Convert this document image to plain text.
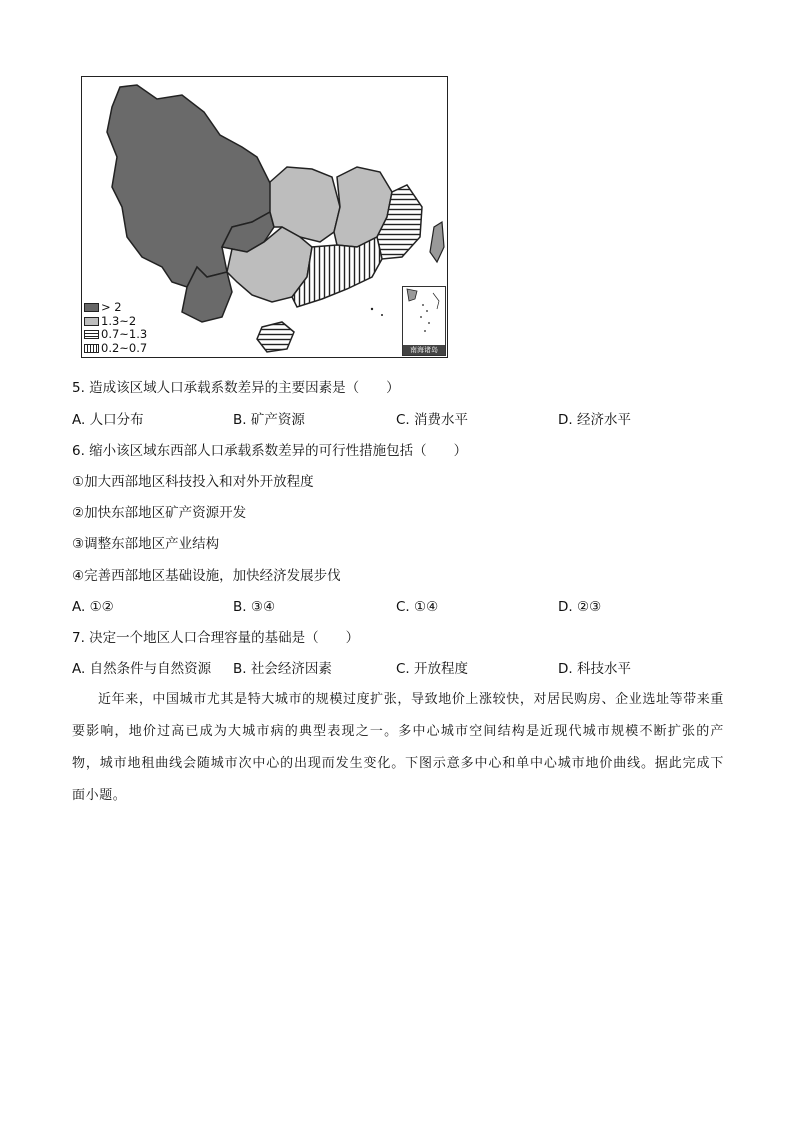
> 2
1.3~2
0.7~1.3
0.2~0.7	南海诸岛
5. 造成该区域人口承载系数差异的主要因素是（　　）
A. 人口分布	B. 矿产资源	C. 消费水平	D. 经济水平
6. 缩小该区域东西部人口承载系数差异的可行性措施包括（　　）
①加大西部地区科技投入和对外开放程度
②加快东部地区矿产资源开发
③调整东部地区产业结构
④完善西部地区基础设施，加快经济发展步伐
A. ①②	B. ③④	C. ①④	D. ②③
7. 决定一个地区人口合理容量的基础是（　　）
A. 自然条件与自然资源 B. 社会经济因素	C. 开放程度	D. 科技水平
近年来，中国城市尤其是特大城市的规模过度扩张，导致地价上涨较快，对居民购房、企业选址等带来重要影响，地价过高已成为大城市病的典型表现之一。多中心城市空间结构是近现代城市规模不断扩张的产物，城市地租曲线会随城市次中心的出现而发生变化。下图示意多中心和单中心城市地价曲线。据此完成下面小题。
